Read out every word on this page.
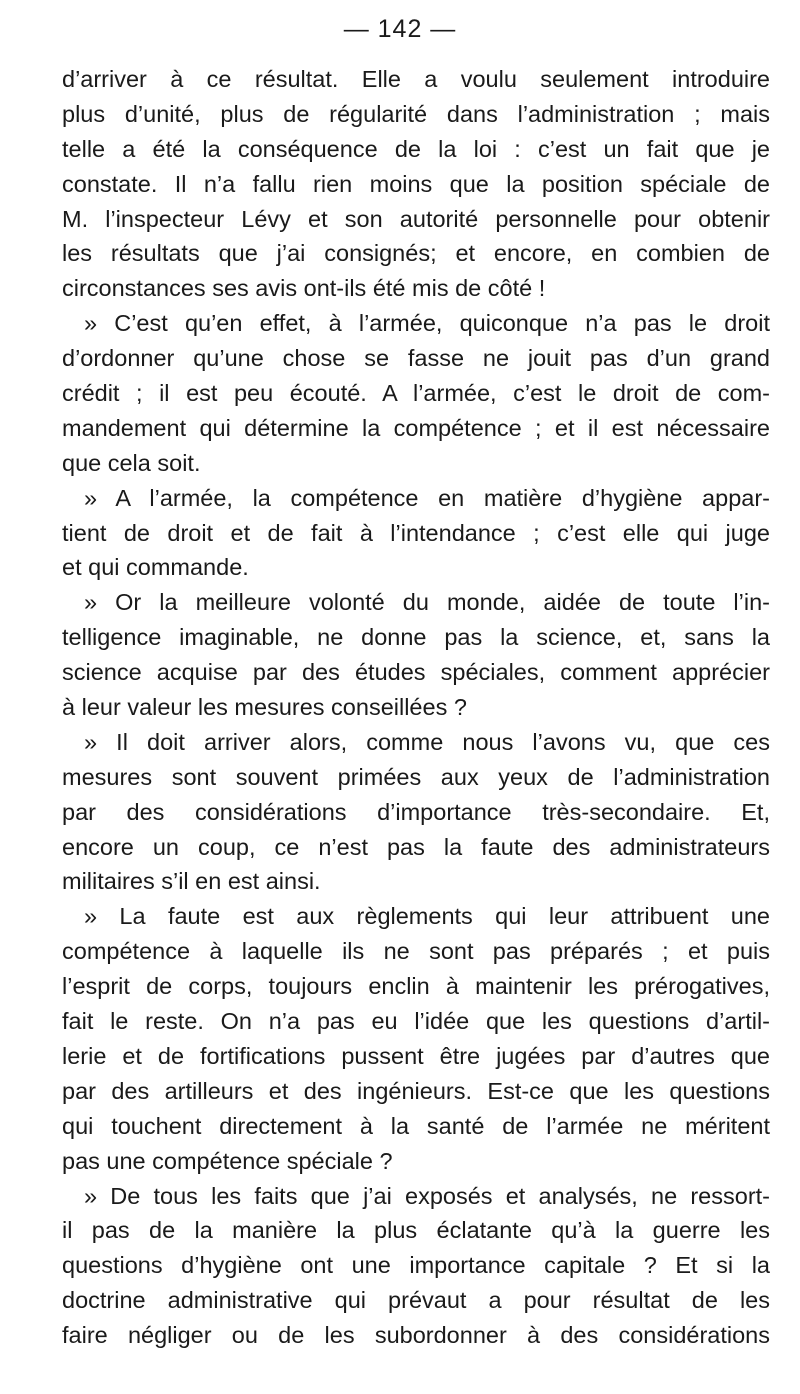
— 142 —
d’arriver à ce résultat. Elle a voulu seulement introduire
plus d’unité, plus de régularité dans l’administration ; mais
telle a été la conséquence de la loi : c’est un fait que je
constate. Il n’a fallu rien moins que la position spéciale de
M. l’inspecteur Lévy et son autorité personnelle pour obtenir
les résultats que j’ai consignés; et encore, en combien de
circonstances ses avis ont-ils été mis de côté !
» C’est qu’en effet, à l’armée, quiconque n’a pas le droit
d’ordonner qu’une chose se fasse ne jouit pas d’un grand
crédit ; il est peu écouté. A l’armée, c’est le droit de com-
mandement qui détermine la compétence ; et il est nécessaire
que cela soit.
» A l’armée, la compétence en matière d’hygiène appar-
tient de droit et de fait à l’intendance ; c’est elle qui juge
et qui commande.
» Or la meilleure volonté du monde, aidée de toute l’in-
telligence imaginable, ne donne pas la science, et, sans la
science acquise par des études spéciales, comment apprécier
à leur valeur les mesures conseillées ?
» Il doit arriver alors, comme nous l’avons vu, que ces
mesures sont souvent primées aux yeux de l’administration
par des considérations d’importance très-secondaire. Et,
encore un coup, ce n’est pas la faute des administrateurs
militaires s’il en est ainsi.
» La faute est aux règlements qui leur attribuent une
compétence à laquelle ils ne sont pas préparés ; et puis
l’esprit de corps, toujours enclin à maintenir les prérogatives,
fait le reste. On n’a pas eu l’idée que les questions d’artil-
lerie et de fortifications pussent être jugées par d’autres que
par des artilleurs et des ingénieurs. Est-ce que les questions
qui touchent directement à la santé de l’armée ne méritent
pas une compétence spéciale ?
» De tous les faits que j’ai exposés et analysés, ne ressort-
il pas de la manière la plus éclatante qu’à la guerre les
questions d’hygiène ont une importance capitale ? Et si la
doctrine administrative qui prévaut a pour résultat de les
faire négliger ou de les subordonner à des considérations
